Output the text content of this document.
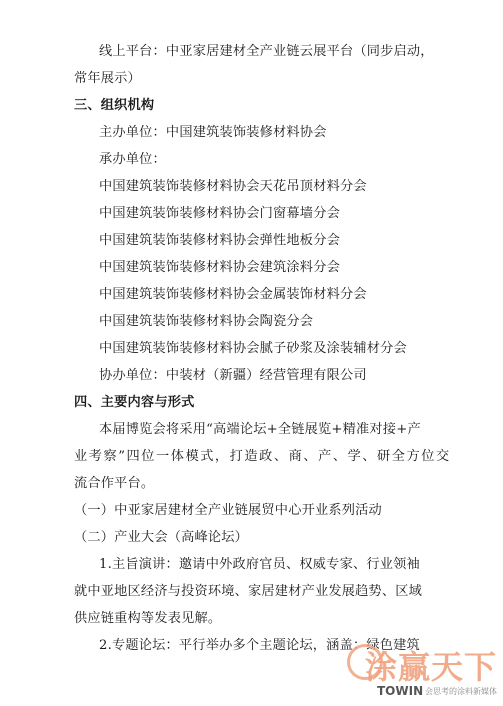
线上平台：中亚家居建材全产业链云展平台（同步启动，
常年展示）
三、组织机构
主办单位：中国建筑装饰装修材料协会
承办单位：
中国建筑装饰装修材料协会天花吊顶材料分会
中国建筑装饰装修材料协会门窗幕墙分会
中国建筑装饰装修材料协会弹性地板分会
中国建筑装饰装修材料协会建筑涂料分会
中国建筑装饰装修材料协会金属装饰材料分会
中国建筑装饰装修材料协会陶瓷分会
中国建筑装饰装修材料协会腻子砂浆及涂装辅材分会
协办单位：中装材（新疆）经营管理有限公司
四、主要内容与形式
本届博览会将采用“高端论坛+全链展览+精准对接+产
业考察”四位一体模式，打造政、商、产、学、研全方位交
流合作平台。
（一）中亚家居建材全产业链展贸中心开业系列活动
（二）产业大会（高峰论坛）
1.主旨演讲：邀请中外政府官员、权威专家、行业领袖
就中亚地区经济与投资环境、家居建材产业发展趋势、区域
供应链重构等发表见解。
2.专题论坛：平行举办多个主题论坛，涵盖：绿色建筑
涂赢天下
TOWIN 会思考的涂料新媒体
